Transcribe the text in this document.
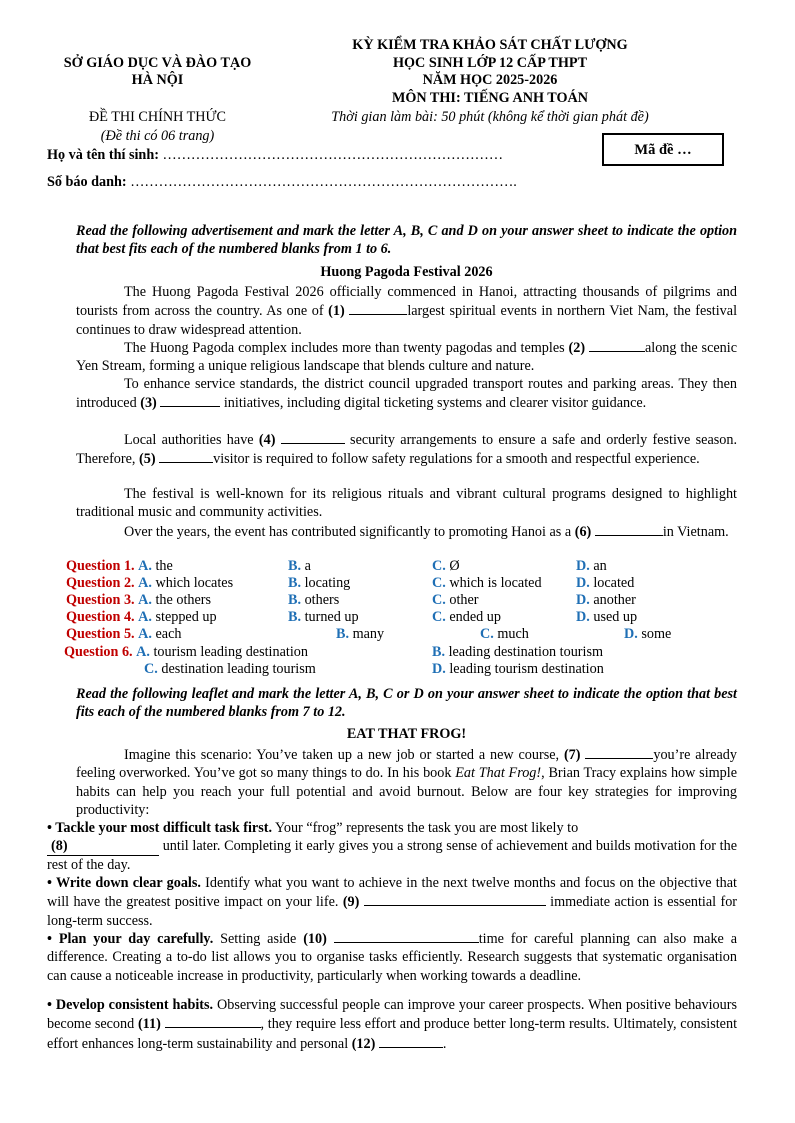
SỞ GIÁO DỤC VÀ ĐÀO TẠO
HÀ NỘI
ĐỀ THI CHÍNH THỨC
(Đề thi có 06 trang)
KỲ KIỂM TRA KHẢO SÁT CHẤT LƯỢNG
HỌC SINH LỚP 12 CẤP THPT
NĂM HỌC 2025-2026
MÔN THI: TIẾNG ANH TOÁN
Thời gian làm bài: 50 phút (không kể thời gian phát đề)
Mã đề …
Họ và tên thí sinh: ………………………………………………………………
Số báo danh: ……………………………………………………………………….
Read the following advertisement and mark the letter A, B, C and D on your answer sheet to indicate the option that best fits each of the numbered blanks from 1 to 6.
Huong Pagoda Festival 2026
The Huong Pagoda Festival 2026 officially commenced in Hanoi, attracting thousands of pilgrims and tourists from across the country. As one of (1)	largest spiritual events in northern Viet Nam, the festival continues to draw widespread attention.
The Huong Pagoda complex includes more than twenty pagodas and temples (2)	along the scenic Yen Stream, forming a unique religious landscape that blends culture and nature.
To enhance service standards, the district council upgraded transport routes and parking areas. They then introduced (3)	initiatives, including digital ticketing systems and clearer visitor guidance.
Local authorities have (4)	security arrangements to ensure a safe and orderly festive season. Therefore, (5)	visitor is required to follow safety regulations for a smooth and respectful experience.
The festival is well-known for its religious rituals and vibrant cultural programs designed to highlight traditional music and community activities.
Over the years, the event has contributed significantly to promoting Hanoi as a (6)	in Vietnam.
Question 1. A. the	B. a	C. Ø	D. an
Question 2. A. which locates	B. locating	C. which is located D. located
Question 3. A. the others	B. others	C. other	D. another
Question 4. A. stepped up	B. turned up	C. ended up	D. used up
Question 5. A. each	B. many	C. much	D. some
Question 6. A. tourism leading destination	B. leading destination tourism
C. destination leading tourism	D. leading tourism destination
Read the following leaflet and mark the letter A, B, C or D on your answer sheet to indicate the option that best fits each of the numbered blanks from 7 to 12.
EAT THAT FROG!
Imagine this scenario: You’ve taken up a new job or started a new course, (7)	you’re already feeling overworked. You’ve got so many things to do. In his book Eat That Frog!, Brian Tracy explains how simple habits can help you reach your full potential and avoid burnout. Below are four key strategies for improving productivity:
• Tackle your most difficult task first. Your “frog” represents the task you are most likely to
(8)	until later. Completing it early gives you a strong sense of achievement and builds motivation for the rest of the day.
• Write down clear goals. Identify what you want to achieve in the next twelve months and focus on the objective that will have the greatest positive impact on your life. (9)	immediate action is essential for long-term success.
• Plan your day carefully. Setting aside (10)	time for careful planning can also make a difference. Creating a to-do list allows you to organise tasks efficiently. Research suggests that systematic organisation can cause a noticeable increase in productivity, particularly when working towards a deadline.
• Develop consistent habits. Observing successful people can improve your career prospects. When positive behaviours become second (11)	, they require less effort and produce better long-term results. Ultimately, consistent effort enhances long-term sustainability and personal (12)	.
